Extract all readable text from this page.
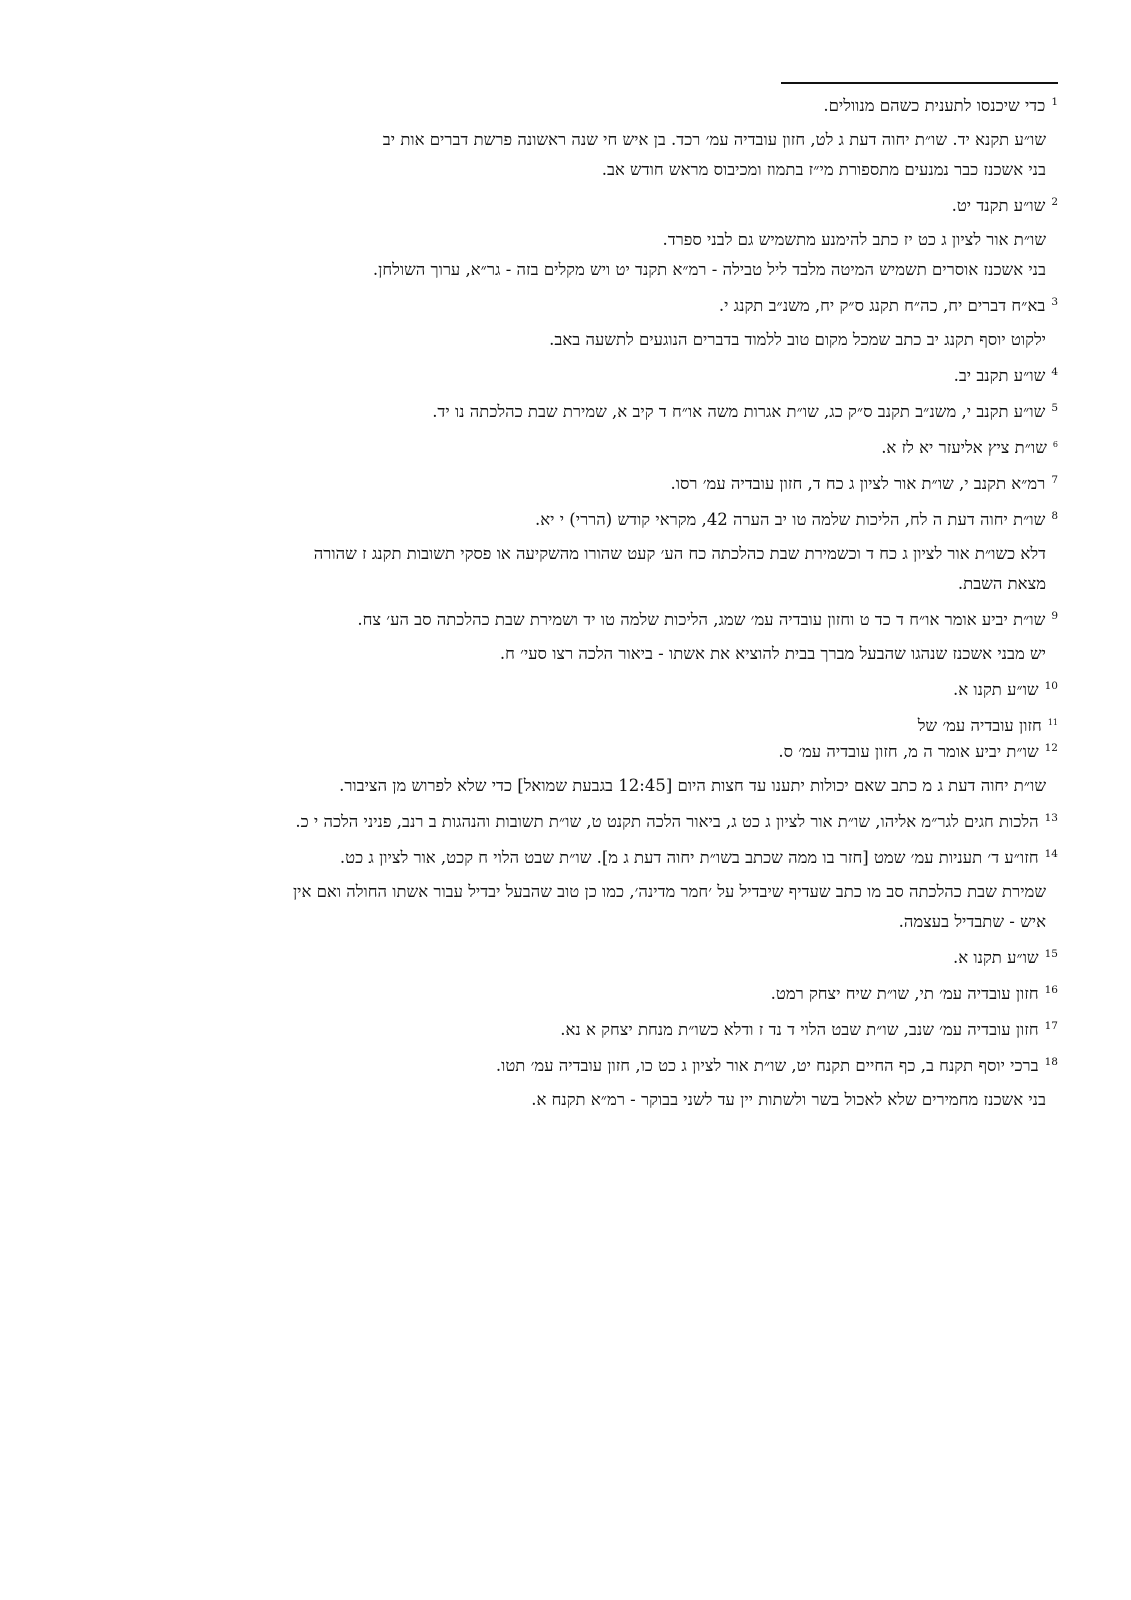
$^1$כדי שיכנסו לתענית כשהם מנוולים.
שו״ע תקנא יד. שו״ת יחוה דעת ג לט, חזון עובדיה עמ׳ רכד. בן איש חי שנה ראשונה פרשת דברים אות יב
בני אשכנז כבר נמנעים מתספורת מי״ז בתמוז ומכיבוס מראש חודש אב.
$^2$שו״ע תקנד יט.
שו״ת אור לציון ג כט יז כתב להימנע מתשמיש גם לבני ספרד.
בני אשכנז אוסרים תשמיש המיטה מלבד ליל טבילה - רמ״א תקנד יט ויש מקלים בזה - גר״א, ערוך השולחן.
$^3$בא״ח דברים יח, כה״ח תקנג ס״ק יח, משנ״ב תקנג י.
ילקוט יוסף תקנג יב כתב שמכל מקום טוב ללמוד בדברים הנוגעים לתשעה באב.
$^4$שו״ע תקנב יב.
$^5$שו״ע תקנב י, משנ״ב תקנב ס״ק כג, שו״ת אגרות משה או״ח ד קיב א, שמירת שבת כהלכתה נו יד.
$^6$שו״ת ציץ אליעזר יא לז א.
$^7$רמ״א תקנב י, שו״ת אור לציון ג כח ד, חזון עובדיה עמ׳ רסו.
$^8$שו״ת יחוה דעת ה לח, הליכות שלמה טו יב הערה 42, מקראי קודש (הררי) י יא.
דלא כשו״ת אור לציון ג כח ד וכשמירת שבת כהלכתה כח הע׳ קעט שהורו מהשקיעה או פסקי תשובות תקנג ז שהורה
מצאת השבת.
$^9$שו״ת יביע אומר או״ח ד כד ט וחזון עובדיה עמ׳ שמג, הליכות שלמה טו יד ושמירת שבת כהלכתה סב הע׳ צח.
יש מבני אשכנז שנהגו שהבעל מברך בבית להוציא את אשתו - ביאור הלכה רצו סעי׳ ח.
$^{10}$שו״ע תקנו א.
$^{11}$חזון עובדיה עמ׳ של
$^{12}$שו״ת יביע אומר ה מ, חזון עובדיה עמ׳ ס.
שו״ת יחוה דעת ג מ כתב שאם יכולות יתענו עד חצות היום [12:45 בגבעת שמואל] כדי שלא לפרוש מן הציבור.
$^{13}$הלכות חגים לגר״מ אליהו, שו״ת אור לציון ג כט ג, ביאור הלכה תקנט ט, שו״ת תשובות והנהגות ב רנב, פניני הלכה י כ.
$^{14}$חזו״ע ד׳ תעניות עמ׳ שמט [חזר בו ממה שכתב בשו״ת יחוה דעת ג מ]. שו״ת שבט הלוי ח קכט, אור לציון ג כט.
שמירת שבת כהלכתה סב מו כתב שעדיף שיבדיל על ׳חמר מדינה׳, כמו כן טוב שהבעל יבדיל עבור אשתו החולה ואם אין
איש - שתבדיל בעצמה.
$^{15}$שו״ע תקנו א.
$^{16}$חזון עובדיה עמ׳ תי, שו״ת שיח יצחק רמט.
$^{17}$חזון עובדיה עמ׳ שנב, שו״ת שבט הלוי ד נד ז ודלא כשו״ת מנחת יצחק א נא.
$^{18}$ברכי יוסף תקנח ב, כף החיים תקנח יט, שו״ת אור לציון ג כט כו, חזון עובדיה עמ׳ תטו.
בני אשכנז מחמירים שלא לאכול בשר ולשתות יין עד לשני בבוקר - רמ״א תקנח א.
